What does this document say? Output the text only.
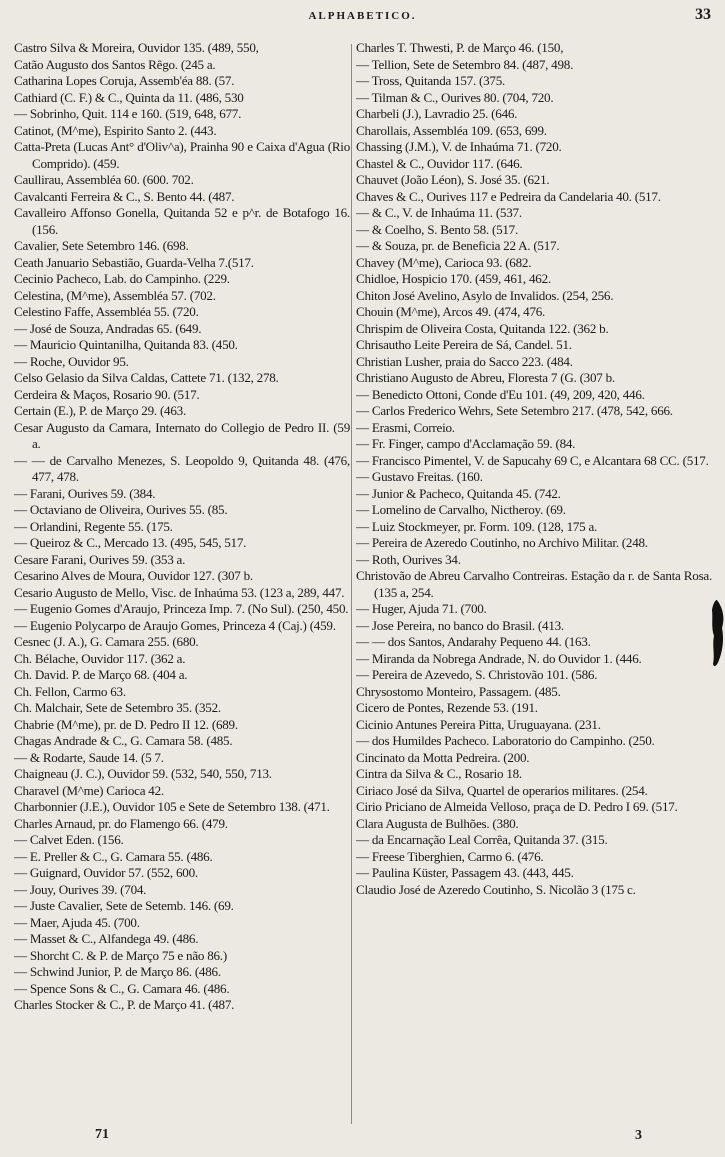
ALPHABETICO.	33

Castro Silva & Moreira, Ouvidor 135. (489, 550,

Catão Augusto dos Santos Rêgo. (245 a.

Catharina Lopes Coruja, Assemb'éa 88. (57.

Cathiard (C. F.) & C., Quinta da 11. (486, 530

— Sobrinho, Quit. 114 e 160. (519, 648, 677.

Catinot, (M^me), Espirito Santo 2. (443.

Catta-Preta (Lucas Ant° d'Oliv^a), Prainha 90 e Caixa d'Agua (Rio Comprido). (459.

Caullirau, Assembléa 60. (600. 702.

Cavalcanti Ferreira & C., S. Bento 44. (487.

Cavalleiro Affonso Gonella, Quitanda 52 e p^r. de Botafogo 16. (156.

Cavalier, Sete Setembro 146. (698.

Ceath Januario Sebastião, Guarda-Velha 7.(517.

Cecinio Pacheco, Lab. do Campinho. (229.

Celestina, (M^me), Assembléa 57. (702.

Celestino Faffe, Assembléa 55. (720.

— José de Souza, Andradas 65. (649.

— Mauricio Quintanilha, Quitanda 83. (450.

— Roche, Ouvidor 95.

Celso Gelasio da Silva Caldas, Cattete 71. (132, 278.

Cerdeira & Maços, Rosario 90. (517.

Certain (E.), P. de Março 29. (463.

Cesar Augusto da Camara, Internato do Collegio de Pedro II. (59 a.

— — de Carvalho Menezes, S. Leopoldo 9, Quitanda 48. (476, 477, 478.

— Farani, Ourives 59. (384.

— Octaviano de Oliveira, Ourives 55. (85.

— Orlandini, Regente 55. (175.

— Queiroz & C., Mercado 13. (495, 545, 517.

Cesare Farani, Ourives 59. (353 a.

Cesarino Alves de Moura, Ouvidor 127. (307 b.

Cesario Augusto de Mello, Visc. de Inhaúma 53. (123 a, 289, 447.

— Eugenio Gomes d'Araujo, Princeza Imp. 7. (No Sul). (250, 450.

— Eugenio Polycarpo de Araujo Gomes, Princeza 4 (Caj.) (459.

Cesnec (J. A.), G. Camara 255. (680.

Ch. Bélache, Ouvidor 117. (362 a.

Ch. David. P. de Março 68. (404 a.

Ch. Fellon, Carmo 63.

Ch. Malchair, Sete de Setembro 35. (352.

Chabrie (M^me), pr. de D. Pedro II 12. (689.

Chagas Andrade & C., G. Camara 58. (485.

— & Rodarte, Saude 14. (5 7.

Chaigneau (J. C.), Ouvidor 59. (532, 540, 550, 713.

Charavel (M^me) Carioca 42.

Charbonnier (J.E.), Ouvidor 105 e Sete de Setembro 138. (471.

Charles Arnaud, pr. do Flamengo 66. (479.

— Calvet Eden. (156.

— E. Preller & C., G. Camara 55. (486.

— Guignard, Ouvidor 57. (552, 600.

— Jouy, Ourives 39. (704.

— Juste Cavalier, Sete de Setemb. 146. (69.

— Maer, Ajuda 45. (700.

— Masset & C., Alfandega 49. (486.

— Shorcht C. & P. de Março 75 e não 86.)

— Schwind Junior, P. de Março 86. (486.

— Spence Sons & C., G. Camara 46. (486.

Charles Stocker & C., P. de Março 41. (487.

Charles T. Thwesti, P. de Março 46. (150,

— Tellion, Sete de Setembro 84. (487, 498.

— Tross, Quitanda 157. (375.

— Tilman & C., Ourives 80. (704, 720.

Charbeli (J.), Lavradio 25. (646.

Charollais, Assembléa 109. (653, 699.

Chassing (J.M.), V. de Inhaúma 71. (720.

Chastel & C., Ouvidor 117. (646.

Chauvet (João Léon), S. José 35. (621.

Chaves & C., Ourives 117 e Pedreira da Candelaria 40. (517.

— & C., V. de Inhaúma 11. (537.

— & Coelho, S. Bento 58. (517.

— & Souza, pr. de Beneficia 22 A. (517.

Chavey (M^me), Carioca 93. (682.

Chidloe, Hospicio 170. (459, 461, 462.

Chiton José Avelino, Asylo de Invalidos. (254, 256.

Chouin (M^me), Arcos 49. (474, 476.

Chrispim de Oliveira Costa, Quitanda 122. (362 b.

Chrisautho Leite Pereira de Sá, Candel. 51.

Christian Lusher, praia do Sacco 223. (484.

Christiano Augusto de Abreu, Floresta 7 (G. (307 b.

— Benedicto Ottoni, Conde d'Eu 101. (49, 209, 420, 446.

— Carlos Frederico Wehrs, Sete Setembro 217. (478, 542, 666.

— Erasmi, Correio.

— Fr. Finger, campo d'Acclamação 59. (84.

— Francisco Pimentel, V. de Sapucahy 69 C, e Alcantara 68 CC. (517.

— Gustavo Freitas. (160.

— Junior & Pacheco, Quitanda 45. (742.

— Lomelino de Carvalho, Nictheroy. (69.

— Luiz Stockmeyer, pr. Form. 109. (128, 175 a.

— Pereira de Azeredo Coutinho, no Archivo Militar. (248.

— Roth, Ourives 34.

Christovão de Abreu Carvalho Contreiras. Estação da r. de Santa Rosa. (135 a, 254.

— Huger, Ajuda 71. (700.

— Jose Pereira, no banco do Brasil. (413.

— — dos Santos, Andarahy Pequeno 44. (163.

— Miranda da Nobrega Andrade, N. do Ouvidor 1. (446.

— Pereira de Azevedo, S. Christovão 101. (586.

Chrysostomo Monteiro, Passagem. (485.

Cicero de Pontes, Rezende 53. (191.

Cicinio Antunes Pereira Pitta, Uruguayana. (231.

— dos Humildes Pacheco. Laboratorio do Campinho. (250.

Cincinato da Motta Pedreira. (200.

Cintra da Silva & C., Rosario 18.

Ciriaco José da Silva, Quartel de operarios militares. (254.

Cirio Priciano de Almeida Velloso, praça de D. Pedro I 69. (517.

Clara Augusta de Bulhões. (380.

— da Encarnação Leal Corrêa, Quitanda 37. (315.

— Freese Tiberghien, Carmo 6. (476.

— Paulina Küster, Passagem 43. (443, 445.

Claudio José de Azeredo Coutinho, S. Nicolão 3 (175 c.

71	3
